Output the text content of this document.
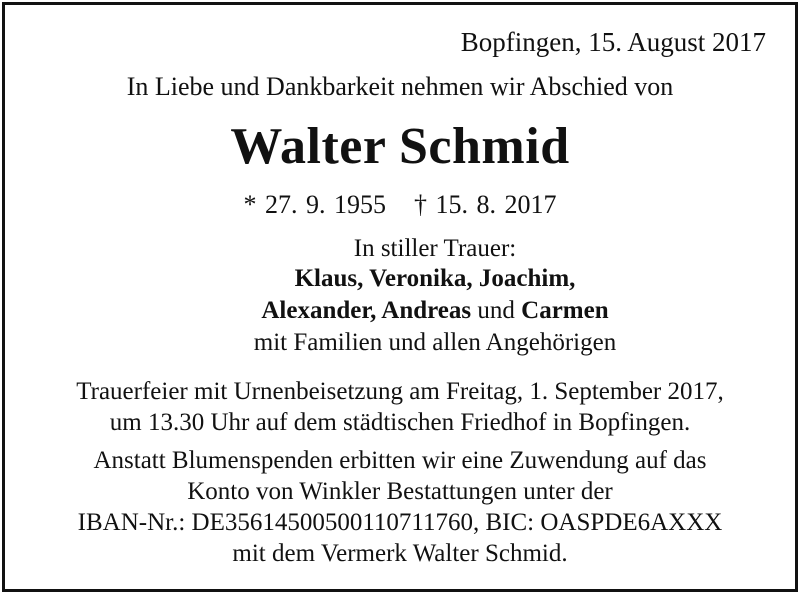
Bopfingen, 15. August 2017
In Liebe und Dankbarkeit nehmen wir Abschied von
Walter Schmid
* 27. 9. 1955 † 15. 8. 2017
In stiller Trauer:
Klaus, Veronika, Joachim,
Alexander, Andreas und Carmen
mit Familien und allen Angehörigen
Trauerfeier mit Urnenbeisetzung am Freitag, 1. September 2017,
um 13.30 Uhr auf dem städtischen Friedhof in Bopfingen.
Anstatt Blumenspenden erbitten wir eine Zuwendung auf das
Konto von Winkler Bestattungen unter der
IBAN-Nr.: DE35614500500110711760, BIC: OASPDE6AXXX
mit dem Vermerk Walter Schmid.
